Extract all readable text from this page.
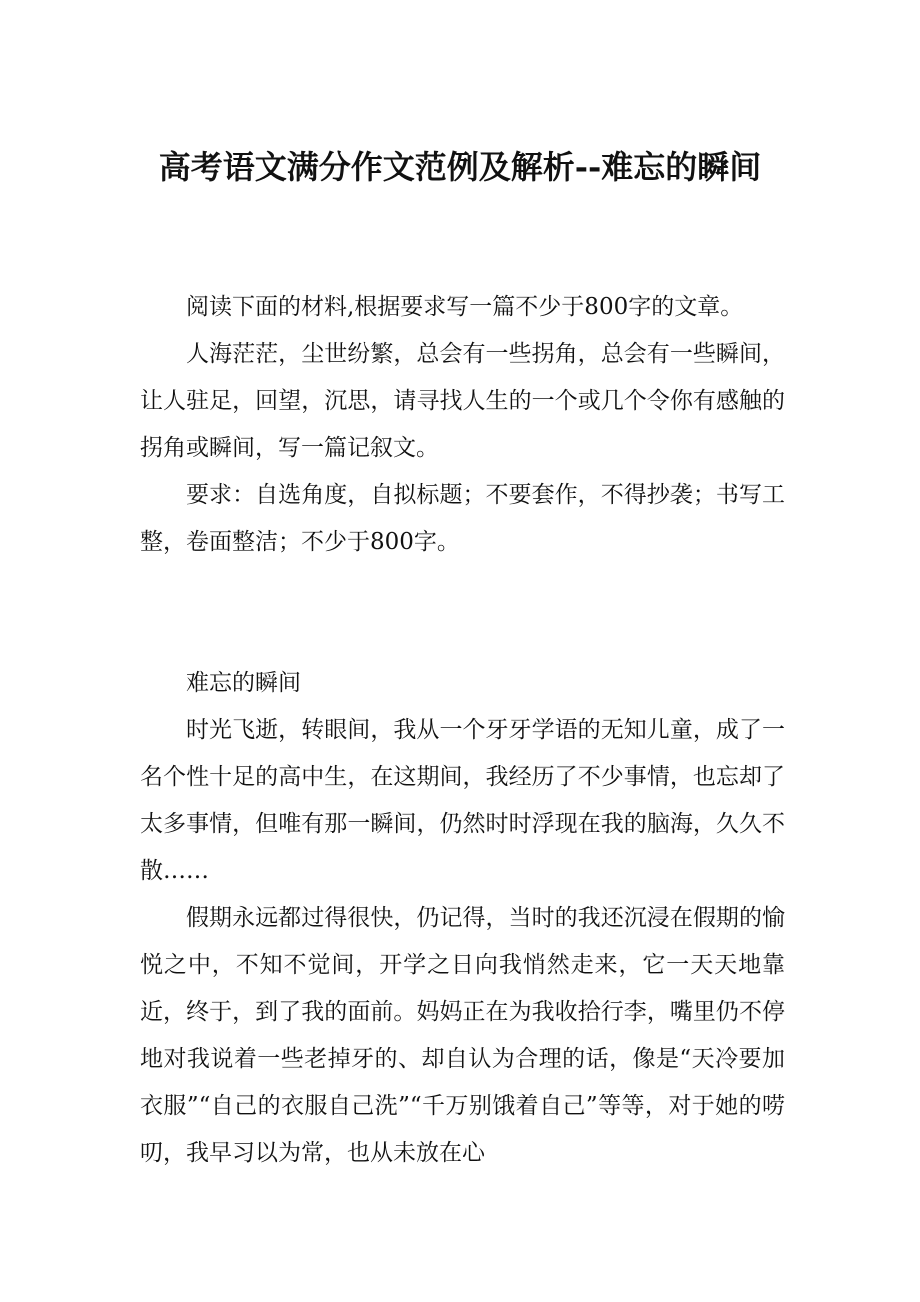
高考语文满分作文范例及解析--难忘的瞬间

阅读下面的材料,根据要求写一篇不少于800字的文章。

人海茫茫，尘世纷繁，总会有一些拐角，总会有一些瞬间，让人驻足，回望，沉思，请寻找人生的一个或几个令你有感触的拐角或瞬间，写一篇记叙文。

要求：自选角度，自拟标题；不要套作，不得抄袭；书写工整，卷面整洁；不少于800字。

难忘的瞬间

时光飞逝，转眼间，我从一个牙牙学语的无知儿童，成了一名个性十足的高中生，在这期间，我经历了不少事情，也忘却了太多事情，但唯有那一瞬间，仍然时时浮现在我的脑海，久久不散……

假期永远都过得很快，仍记得，当时的我还沉浸在假期的愉悦之中，不知不觉间，开学之日向我悄然走来，它一天天地靠近，终于，到了我的面前。妈妈正在为我收拾行李，嘴里仍不停地对我说着一些老掉牙的、却自认为合理的话，像是“天冷要加衣服”“自己的衣服自己洗”“千万别饿着自己”等等，对于她的唠叨，我早习以为常，也从未放在心
